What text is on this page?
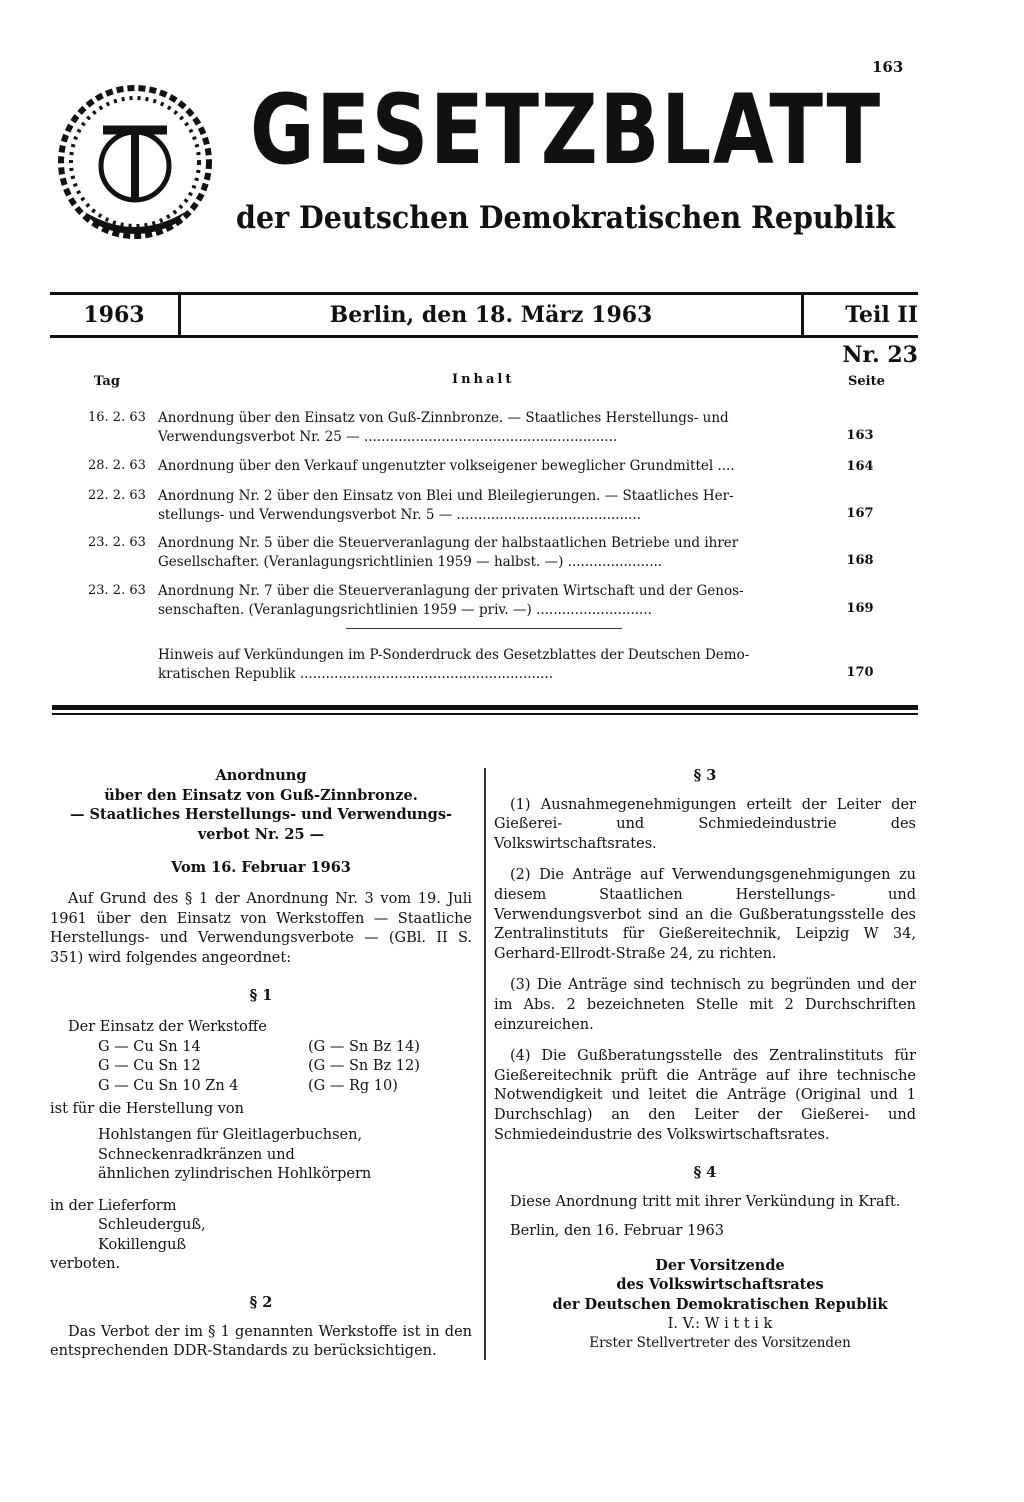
163
GESETZBLATT
der Deutschen Demokratischen Republik
1963	Berlin, den 18. März 1963	Teil II Nr. 23
Tag	Inhalt	Seite
16. 2. 63 Anordnung über den Einsatz von Guß-Zinnbronze. — Staatliches Herstellungs- und
Verwendungsverbot Nr. 25 — ...........................................................	163
28. 2. 63 Anordnung über den Verkauf ungenutzter volkseigener beweglicher Grundmittel ....	164
22. 2. 63 Anordnung Nr. 2 über den Einsatz von Blei und Bleilegierungen. — Staatliches Her-
stellungs- und Verwendungsverbot Nr. 5 — ...........................................	167
23. 2. 63 Anordnung Nr. 5 über die Steuerveranlagung der halbstaatlichen Betriebe und ihrer
Gesellschafter. (Veranlagungsrichtlinien 1959 — halbst. —) ......................	168
23. 2. 63 Anordnung Nr. 7 über die Steuerveranlagung der privaten Wirtschaft und der Genos-
senschaften. (Veranlagungsrichtlinien 1959 — priv. —) ...........................	169
Hinweis auf Verkündungen im P-Sonderdruck des Gesetzblattes der Deutschen Demo-
kratischen Republik ...........................................................	170
Anordnung
über den Einsatz von Guß-Zinnbronze.
— Staatliches Herstellungs- und Verwendungs-
verbot Nr. 25 —
Vom 16. Februar 1963

Auf Grund des § 1 der Anordnung Nr. 3 vom 19. Juli 1961 über den Einsatz von Werkstoffen — Staatliche Herstellungs- und Verwendungsverbote — (GBl. II S. 351) wird folgendes angeordnet:

§ 1

Der Einsatz der Werkstoffe

G — Cu Sn 14	(G — Sn Bz 14)
G — Cu Sn 12	(G — Sn Bz 12)
G — Cu Sn 10 Zn 4	(G — Rg 10)

ist für die Herstellung von

Hohlstangen für Gleitlagerbuchsen,
Schneckenradkränzen und
ähnlichen zylindrischen Hohlkörpern

in der Lieferform

Schleuderguß,
Kokillenguß

verboten.

§ 2

Das Verbot der im § 1 genannten Werkstoffe ist in den entsprechenden DDR-Standards zu berücksichtigen.

§ 3

(1) Ausnahmegenehmigungen erteilt der Leiter der Gießerei- und Schmiedeindustrie des Volkswirtschaftsrates.

(2) Die Anträge auf Verwendungsgenehmigungen zu diesem Staatlichen Herstellungs- und Verwendungsverbot sind an die Gußberatungsstelle des Zentralinstituts für Gießereitechnik, Leipzig W 34, Gerhard-Ellrodt-Straße 24, zu richten.

(3) Die Anträge sind technisch zu begründen und der im Abs. 2 bezeichneten Stelle mit 2 Durchschriften einzureichen.

(4) Die Gußberatungsstelle des Zentralinstituts für Gießereitechnik prüft die Anträge auf ihre technische Notwendigkeit und leitet die Anträge (Original und 1 Durchschlag) an den Leiter der Gießerei- und Schmiedeindustrie des Volkswirtschaftsrates.

§ 4

Diese Anordnung tritt mit ihrer Verkündung in Kraft.

Berlin, den 16. Februar 1963

Der Vorsitzende
des Volkswirtschaftsrates
der Deutschen Demokratischen Republik
I. V.: W i t t i k
Erster Stellvertreter des Vorsitzenden
